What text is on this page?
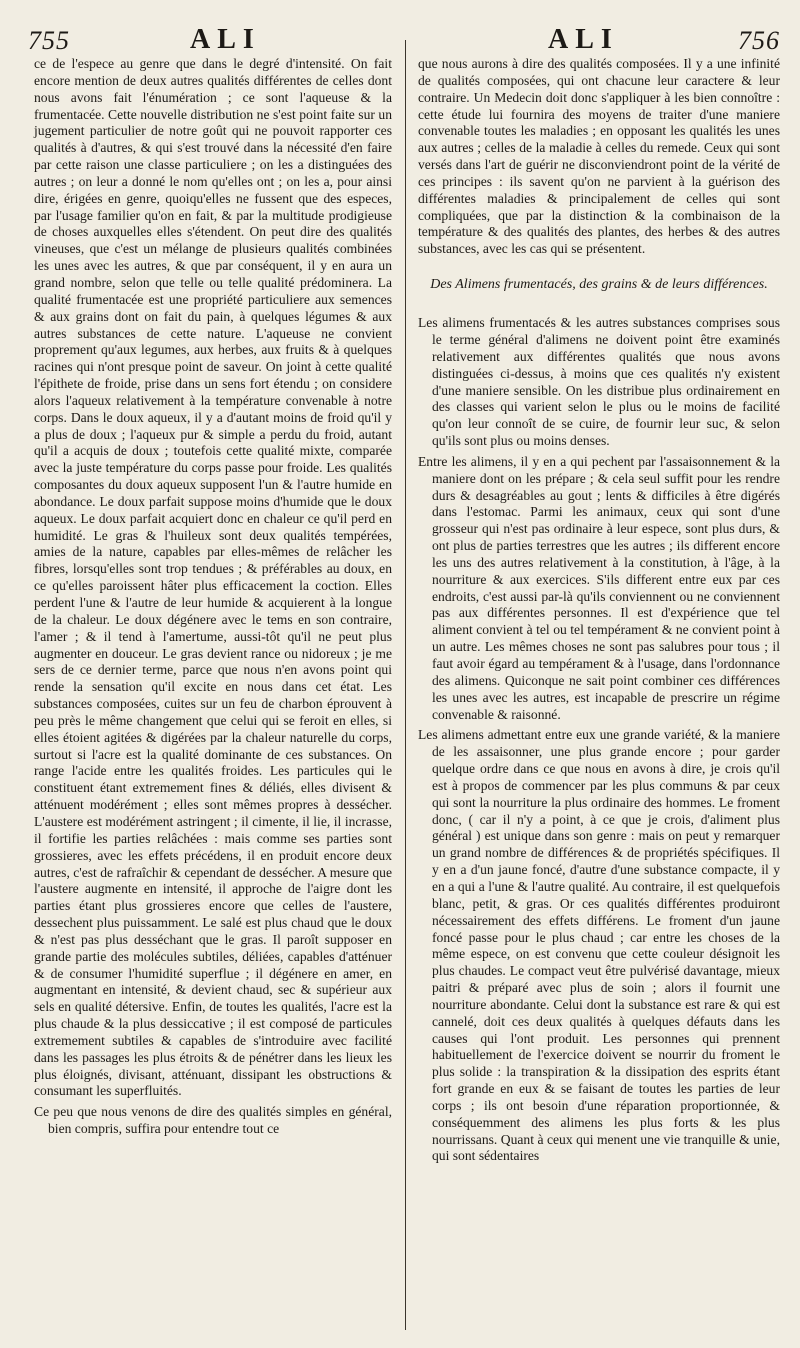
755	ALI	ALI	756

ce de l'espece au genre que dans le degré d'intensité. On fait encore mention de deux autres qualités différentes de celles dont nous avons fait l'énumération ; ce sont l'aqueuse & la frumentacée. Cette nouvelle distribution ne s'est point faite sur un jugement particulier de notre goût qui ne pouvoit rapporter ces qualités à d'autres, & qui s'est trouvé dans la nécessité d'en faire par cette raison une classe particuliere ; on les a distinguées des autres ; on leur a donné le nom qu'elles ont ; on les a, pour ainsi dire, érigées en genre, quoiqu'elles ne fussent que des especes, par l'usage familier qu'on en fait, & par la multitude prodigieuse de choses auxquelles elles s'étendent. On peut dire des qualités vineuses, que c'est un mélange de plusieurs qualités combinées les unes avec les autres, & que par conséquent, il y en aura un grand nombre, selon que telle ou telle qualité prédominera. La qualité frumentacée est une propriété particuliere aux semences & aux grains dont on fait du pain, à quelques légumes & aux autres substances de cette nature. L'aqueuse ne convient proprement qu'aux legumes, aux herbes, aux fruits & à quelques racines qui n'ont presque point de saveur. On joint à cette qualité l'épithete de froide, prise dans un sens fort étendu ; on considere alors l'aqueux relativement à la température convenable à notre corps. Dans le doux aqueux, il y a d'autant moins de froid qu'il y a plus de doux ; l'aqueux pur & simple a perdu du froid, autant qu'il a acquis de doux ; toutefois cette qualité mixte, comparée avec la juste température du corps passe pour froide. Les qualités composantes du doux aqueux supposent l'un & l'autre humide en abondance. Le doux parfait suppose moins d'humide que le doux aqueux. Le doux parfait acquiert donc en chaleur ce qu'il perd en humidité. Le gras & l'huileux sont deux qualités tempérées, amies de la nature, capables par elles-mêmes de relâcher les fibres, lorsqu'elles sont trop tendues ; & préférables au doux, en ce qu'elles paroissent hâter plus efficacement la coction. Elles perdent l'une & l'autre de leur humide & acquierent à la longue de la chaleur. Le doux dégénere avec le tems en son contraire, l'amer ; & il tend à l'amertume, aussi-tôt qu'il ne peut plus augmenter en douceur. Le gras devient rance ou nidoreux ; je me sers de ce dernier terme, parce que nous n'en avons point qui rende la sensation qu'il excite en nous dans cet état. Les substances composées, cuites sur un feu de charbon éprouvent à peu près le même changement que celui qui se feroit en elles, si elles étoient agitées & digérées par la chaleur naturelle du corps, surtout si l'acre est la qualité dominante de ces substances. On range l'acide entre les qualités froides. Les particules qui le constituent étant extremement fines & déliés, elles divisent & atténuent modérément ; elles sont mêmes propres à dessécher. L'austere est modérément astringent ; il cimente, il lie, il incrasse, il fortifie les parties relâchées : mais comme ses parties sont grossieres, avec les effets précédens, il en produit encore deux autres, c'est de rafraîchir & cependant de dessécher. A mesure que l'austere augmente en intensité, il approche de l'aigre dont les parties étant plus grossieres encore que celles de l'austere, dessechent plus puissamment. Le salé est plus chaud que le doux & n'est pas plus desséchant que le gras. Il paroît supposer en grande partie des molécules subtiles, déliées, capables d'atténuer & de consumer l'humidité superflue ; il dégénere en amer, en augmentant en intensité, & devient chaud, sec & supérieur aux sels en qualité détersive. Enfin, de toutes les qualités, l'acre est la plus chaude & la plus dessiccative ; il est composé de particules extremement subtiles & capables de s'introduire avec facilité dans les passages les plus étroits & de pénétrer dans les lieux les plus éloignés, divisant, atténuant, dissipant les obstructions & consumant les superfluités.

Ce peu que nous venons de dire des qualités simples en général, bien compris, suffira pour entendre tout ce

que nous aurons à dire des qualités composées. Il y a une infinité de qualités composées, qui ont chacune leur caractere & leur contraire. Un Medecin doit donc s'appliquer à les bien connoître : cette étude lui fournira des moyens de traiter d'une maniere convenable toutes les maladies ; en opposant les qualités les unes aux autres ; celles de la maladie à celles du remede. Ceux qui sont versés dans l'art de guérir ne disconviendront point de la vérité de ces principes : ils savent qu'on ne parvient à la guérison des différentes maladies & principalement de celles qui sont compliquées, que par la distinction & la combinaison de la température & des qualités des plantes, des herbes & des autres substances, avec les cas qui se présentent.

Des Alimens frumentacés, des grains & de leurs différences.

Les alimens frumentacés & les autres substances comprises sous le terme général d'alimens ne doivent point être examinés relativement aux différentes qualités que nous avons distinguées ci-dessus, à moins que ces qualités n'y existent d'une maniere sensible. On les distribue plus ordinairement en des classes qui varient selon le plus ou le moins de facilité qu'on leur connoît de se cuire, de fournir leur suc, & selon qu'ils sont plus ou moins denses.

Entre les alimens, il y en a qui pechent par l'assaisonnement & la maniere dont on les prépare ; & cela seul suffit pour les rendre durs & desagréables au gout ; lents & difficiles à être digérés dans l'estomac. Parmi les animaux, ceux qui sont d'une grosseur qui n'est pas ordinaire à leur espece, sont plus durs, & ont plus de parties terrestres que les autres ; ils different encore les uns des autres relativement à la constitution, à l'âge, à la nourriture & aux exercices. S'ils different entre eux par ces endroits, c'est aussi par-là qu'ils conviennent ou ne conviennent pas aux différentes personnes. Il est d'expérience que tel aliment convient à tel ou tel tempérament & ne convient point à un autre. Les mêmes choses ne sont pas salubres pour tous ; il faut avoir égard au tempérament & à l'usage, dans l'ordonnance des alimens. Quiconque ne sait point combiner ces différences les unes avec les autres, est incapable de prescrire un régime convenable & raisonné.

Les alimens admettant entre eux une grande variété, & la maniere de les assaisonner, une plus grande encore ; pour garder quelque ordre dans ce que nous en avons à dire, je crois qu'il est à propos de commencer par les plus communs & par ceux qui sont la nourriture la plus ordinaire des hommes. Le froment donc, ( car il n'y a point, à ce que je crois, d'aliment plus général ) est unique dans son genre : mais on peut y remarquer un grand nombre de différences & de propriétés spécifiques. Il y en a d'un jaune foncé, d'autre d'une substance compacte, il y en a qui a l'une & l'autre qualité. Au contraire, il est quelquefois blanc, petit, & gras. Or ces qualités différentes produiront nécessairement des effets différens. Le froment d'un jaune foncé passe pour le plus chaud ; car entre les choses de la même espece, on est convenu que cette couleur désignoit les plus chaudes. Le compact veut être pulvérisé davantage, mieux paitri & préparé avec plus de soin ; alors il fournit une nourriture abondante. Celui dont la substance est rare & qui est cannelé, doit ces deux qualités à quelques défauts dans les causes qui l'ont produit. Les personnes qui prennent habituellement de l'exercice doivent se nourrir du froment le plus solide : la transpiration & la dissipation des esprits étant fort grande en eux & se faisant de toutes les parties de leur corps ; ils ont besoin d'une réparation proportionnée, & conséquemment des alimens les plus forts & les plus nourrissans. Quant à ceux qui menent une vie tranquille & unie, qui sont sédentaires
